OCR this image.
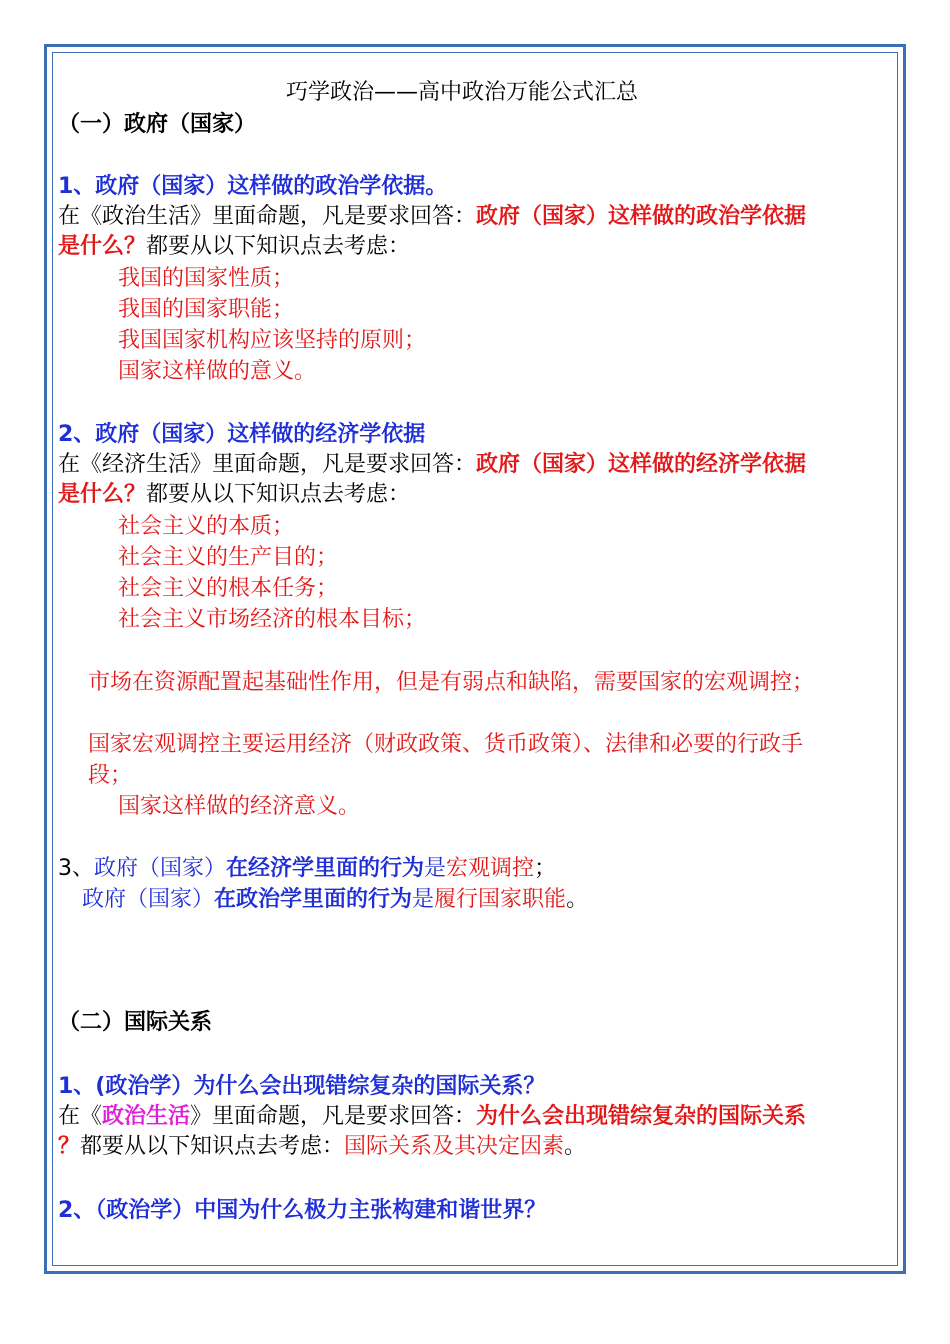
巧学政治——高中政治万能公式汇总
（一）政府（国家）
1、政府（国家）这样做的政治学依据。
在《政治生活》里面命题，凡是要求回答：政府（国家）这样做的政治学依据
是什么？都要从以下知识点去考虑：
我国的国家性质；
我国的国家职能；
我国国家机构应该坚持的原则；
国家这样做的意义。
2、政府（国家）这样做的经济学依据
在《经济生活》里面命题，凡是要求回答：政府（国家）这样做的经济学依据
是什么？都要从以下知识点去考虑：
社会主义的本质；
社会主义的生产目的；
社会主义的根本任务；
社会主义市场经济的根本目标；
市场在资源配置起基础性作用，但是有弱点和缺陷，需要国家的宏观调控；
国家宏观调控主要运用经济（财政政策、货币政策）、法律和必要的行政手
段；
国家这样做的经济意义。
3、政府（国家）在经济学里面的行为是宏观调控；
政府（国家）在政治学里面的行为是履行国家职能。
（二）国际关系
1、(政治学）为什么会出现错综复杂的国际关系？
在《政治生活》里面命题，凡是要求回答：为什么会出现错综复杂的国际关系
？都要从以下知识点去考虑：国际关系及其决定因素。
2、（政治学）中国为什么极力主张构建和谐世界？
